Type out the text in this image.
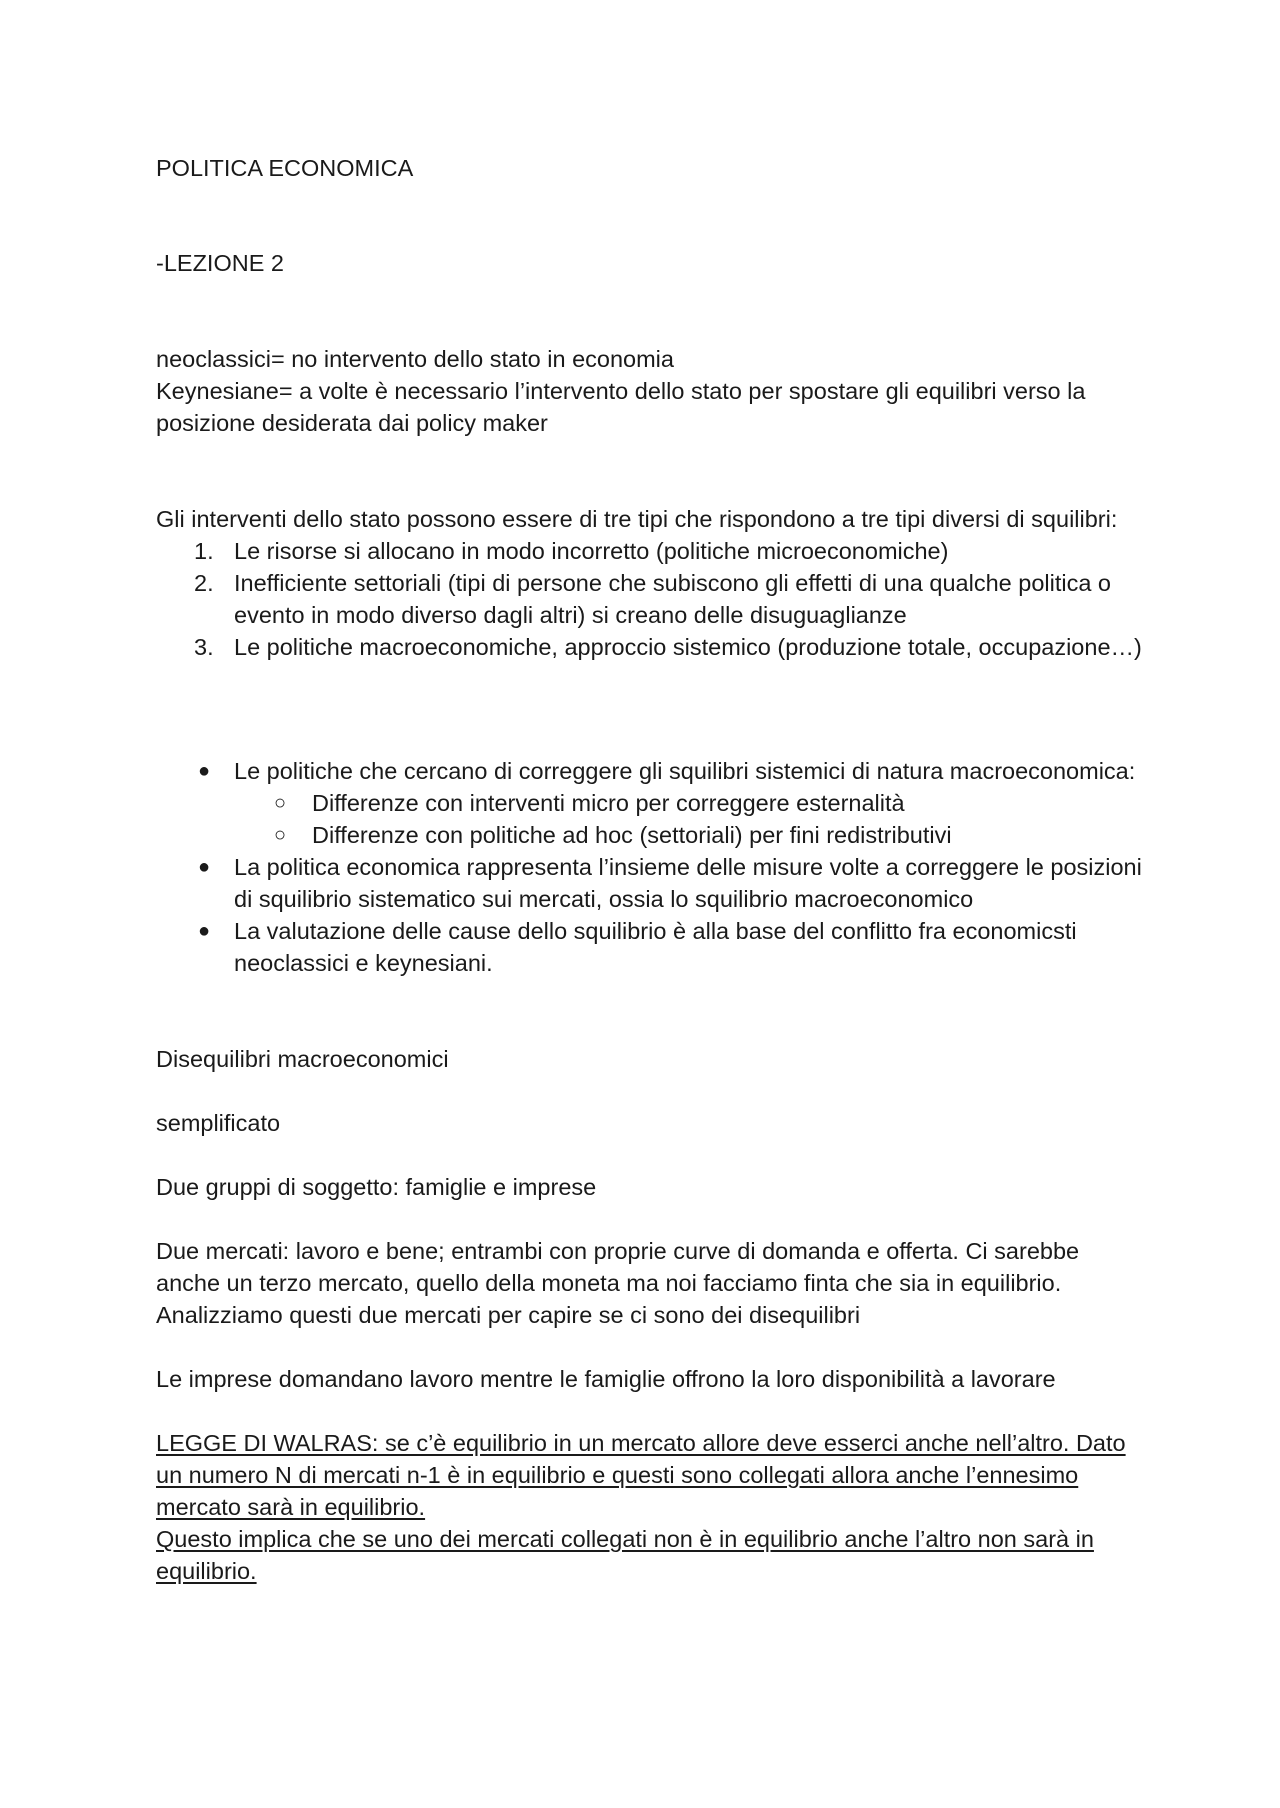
POLITICA ECONOMICA

-LEZIONE 2

neoclassici= no intervento dello stato in economia

Keynesiane= a volte è necessario l’intervento dello stato per spostare gli equilibri verso la posizione desiderata dai policy maker

Gli interventi dello stato possono essere di tre tipi che rispondono a tre tipi diversi di squilibri:

1. Le risorse si allocano in modo incorretto (politiche microeconomiche)
2. Inefficiente settoriali (tipi di persone che subiscono gli effetti di una qualche politica o evento in modo diverso dagli altri) si creano delle disuguaglianze
3. Le politiche macroeconomiche, approccio sistemico (produzione totale, occupazione…)
● Le politiche che cercano di correggere gli squilibri sistemici di natura macroeconomica:
○ Differenze con interventi micro per correggere esternalità
○ Differenze con politiche ad hoc (settoriali) per fini redistributivi
● La politica economica rappresenta l’insieme delle misure volte a correggere le posizioni di squilibrio sistematico sui mercati, ossia lo squilibrio macroeconomico
● La valutazione delle cause dello squilibrio è alla base del conflitto fra economicsti neoclassici e keynesiani.

Disequilibri macroeconomici

semplificato

Due gruppi di soggetto: famiglie e imprese

Due mercati: lavoro e bene; entrambi con proprie curve di domanda e offerta. Ci sarebbe anche un terzo mercato, quello della moneta ma noi facciamo finta che sia in equilibrio. Analizziamo questi due mercati per capire se ci sono dei disequilibri

Le imprese domandano lavoro mentre le famiglie offrono la loro disponibilità a lavorare

LEGGE DI WALRAS: se c’è equilibrio in un mercato allore deve esserci anche nell’altro. Dato un numero N di mercati n-1 è in equilibrio e questi sono collegati allora anche l’ennesimo mercato sarà in equilibrio.

Questo implica che se uno dei mercati collegati non è in equilibrio anche l’altro non sarà in equilibrio.
